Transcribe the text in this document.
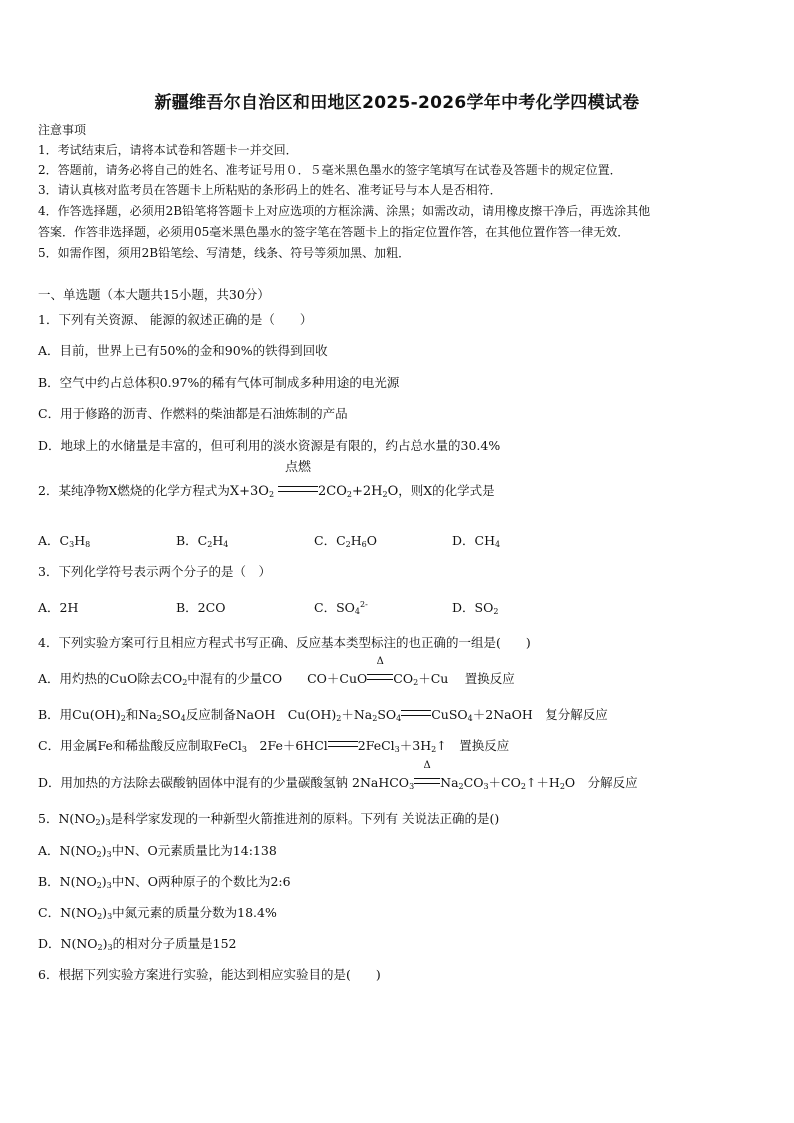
新疆维吾尔自治区和田地区2025-2026学年中考化学四模试卷
注意事项
1．考试结束后，请将本试卷和答题卡一并交回．
2．答题前，请务必将自己的姓名、准考证号用０．５毫米黑色墨水的签字笔填写在试卷及答题卡的规定位置．
3．请认真核对监考员在答题卡上所粘贴的条形码上的姓名、准考证号与本人是否相符．
4．作答选择题，必须用2B铅笔将答题卡上对应选项的方框涂满、涂黑；如需改动，请用橡皮擦干净后，再选涂其他
答案．作答非选择题，必须用05毫米黑色墨水的签字笔在答题卡上的指定位置作答，在其他位置作答一律无效．
5．如需作图，须用2B铅笔绘、写清楚，线条、符号等须加黑、加粗．
一、单选题（本大题共15小题，共30分）
1．下列有关资源、 能源的叙述正确的是（　　）
A．目前，世界上已有50%的金和90%的铁得到回收
B．空气中约占总体积0.97%的稀有气体可制成多种用途的电光源
C．用于修路的沥青、作燃料的柴油都是石油炼制的产品
D．地球上的水储量是丰富的，但可利用的淡水资源是有限的，约占总水量的30.4%
2．某纯净物X燃烧的化学方程式为$X+3O_2$
点燃
$2CO_2+2H_2O$，则X的化学式是
A．$C_3H_8$	B．$C_2H_4$	C．$C_2H_6O$	D．$CH_4$
3．下列化学符号表示两个分子的是（　）
A．2H	B．2CO	C．$SO_4^{2-}$	D．$SO_2$
4．下列实验方案可行且相应方程式书写正确、反应基本类型标注的也正确的一组是(　　)
A．用灼热的CuO除去$CO_2$中混有的少量CO　　CO＋CuO
Δ
$CO_2+Cu$　 置换反应
B．用$Cu(OH)_2$和$Na_2SO_4$反应制备NaOH　$Cu(OH)_2+Na_2SO_4$ CuSO$_4$＋2NaOH　复分解反应
C．用金属Fe和稀盐酸反应制取FeCl$_3$　2Fe＋6HCl $2FeCl_3+3H_2↑$　置换反应
D．用加热的方法除去碳酸钠固体中混有的少量碳酸氢钠 2NaHCO$_3$
Δ
$Na_2CO_3+CO_2↑+H_2O$　分解反应
5．$N(NO_2)_3$是科学家发现的一种新型火箭推进剂的原料。下列有 关说法正确的是()
A．$N(NO_2)_3$中N、O元素质量比为14:138
B．$N(NO_2)_3$中N、O两种原子的个数比为2:6
C．$N(NO_2)_3$中氮元素的质量分数为18.4%
D．$N(NO_2)_3$的相对分子质量是152
6．根据下列实验方案进行实验，能达到相应实验目的是(　　)
